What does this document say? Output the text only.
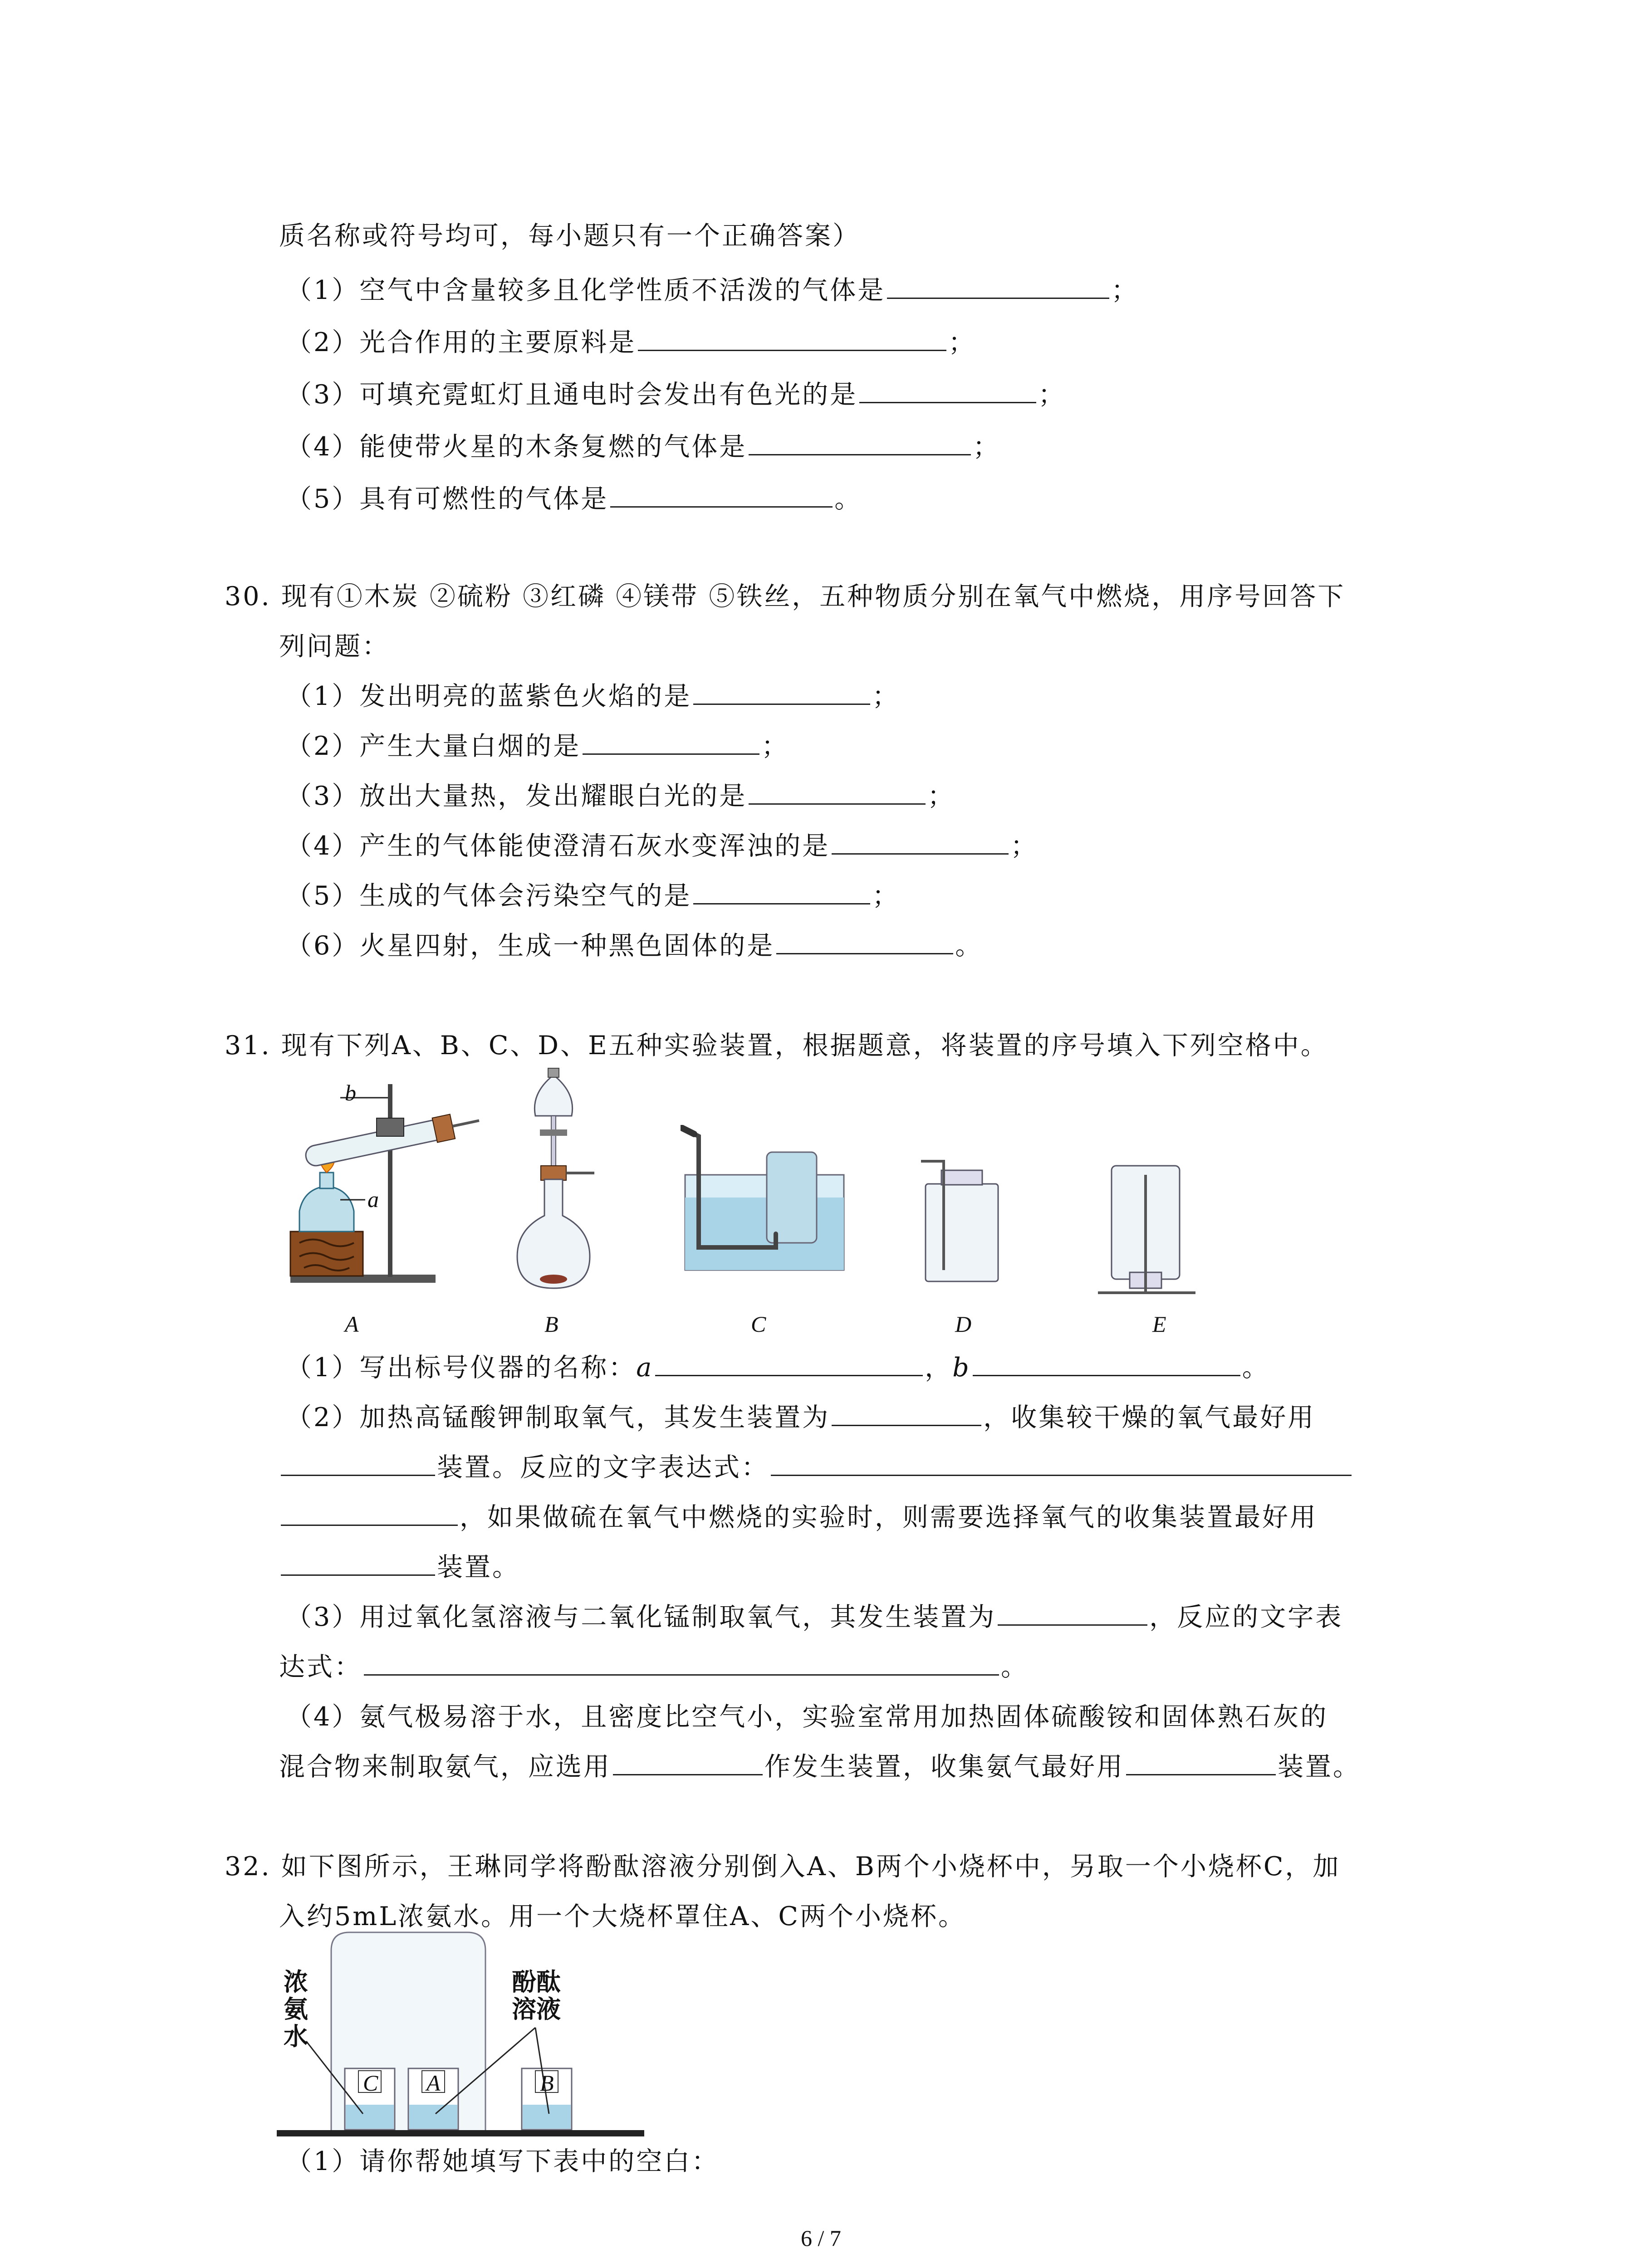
质名称或符号均可，每小题只有一个正确答案）
（1）空气中含量较多且化学性质不活泼的气体是	；
（2）光合作用的主要原料是	；
（3）可填充霓虹灯且通电时会发出有色光的是	；
（4）能使带火星的木条复燃的气体是	；
（5）具有可燃性的气体是	。
30. 现有①木炭 ②硫粉 ③红磷 ④镁带 ⑤铁丝，五种物质分别在氧气中燃烧，用序号回答下
列问题：
（1）发出明亮的蓝紫色火焰的是	；
（2）产生大量白烟的是	；
（3）放出大量热，发出耀眼白光的是	；
（4）产生的气体能使澄清石灰水变浑浊的是	；
（5）生成的气体会污染空气的是	；
（6）火星四射，生成一种黑色固体的是	。
31. 现有下列A、B、C、D、E五种实验装置，根据题意，将装置的序号填入下列空格中。
b
a
A	B	C	D	E
（1）写出标号仪器的名称：a	，b	。
（2）加热高锰酸钾制取氧气，其发生装置为	，收集较干燥的氧气最好用
装置。反应的文字表达式：
，如果做硫在氧气中燃烧的实验时，则需要选择氧气的收集装置最好用
装置。
（3）用过氧化氢溶液与二氧化锰制取氧气，其发生装置为	，反应的文字表
达式：	。
（4）氨气极易溶于水，且密度比空气小，实验室常用加热固体硫酸铵和固体熟石灰的
混合物来制取氨气，应选用	作发生装置，收集氨气最好用	装置。
32. 如下图所示，王琳同学将酚酞溶液分别倒入A、B两个小烧杯中，另取一个小烧杯C，加
入约5mL浓氨水。用一个大烧杯罩住A、C两个小烧杯。
浓
氨
水
酚酞
溶液
C A	B
（1）请你帮她填写下表中的空白：
6 / 7
